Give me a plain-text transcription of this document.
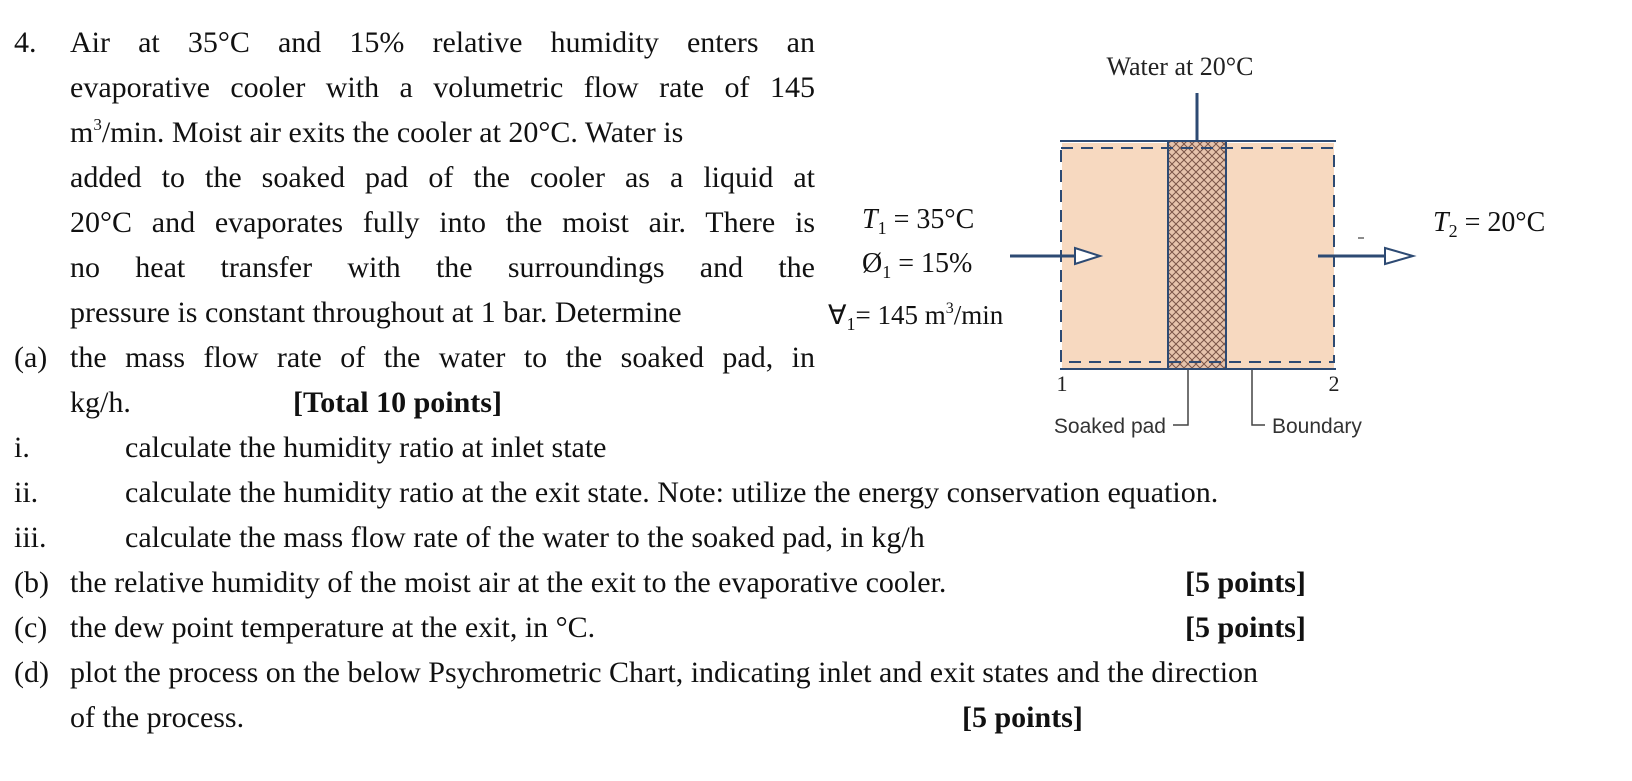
4. Air at 35°C and 15% relative humidity enters an
evaporative cooler with a volumetric flow rate of 145
$m^3/\min$. Moist air exits the cooler at 20°C. Water is
added to the soaked pad of the cooler as a liquid at
20°C and evaporates fully into the moist air. There is
no heat transfer with the surroundings and the
pressure is constant throughout at 1 bar. Determine
(a) the mass flow rate of the water to the soaked pad, in
kg/h.	[Total 10 points]
i.	calculate the humidity ratio at inlet state
ii.	calculate the humidity ratio at the exit state. Note: utilize the energy conservation equation.
iii.	calculate the mass flow rate of the water to the soaked pad, in kg/h
(b) the relative humidity of the moist air at the exit to the evaporative cooler.	[5 points]
(c) the dew point temperature at the exit, in °C.	[5 points]
(d) plot the process on the below Psychrometric Chart, indicating inlet and exit states and the direction
of the process.	[5 points]
Water at 20°C
1	2
Soaked pad	Boundary
$T_1 = 35^\circ C$
$Ø_1 = 15\%$
$\forall_1= 145$ $m^3/\min$
$T_2 = 20^\circ C$
